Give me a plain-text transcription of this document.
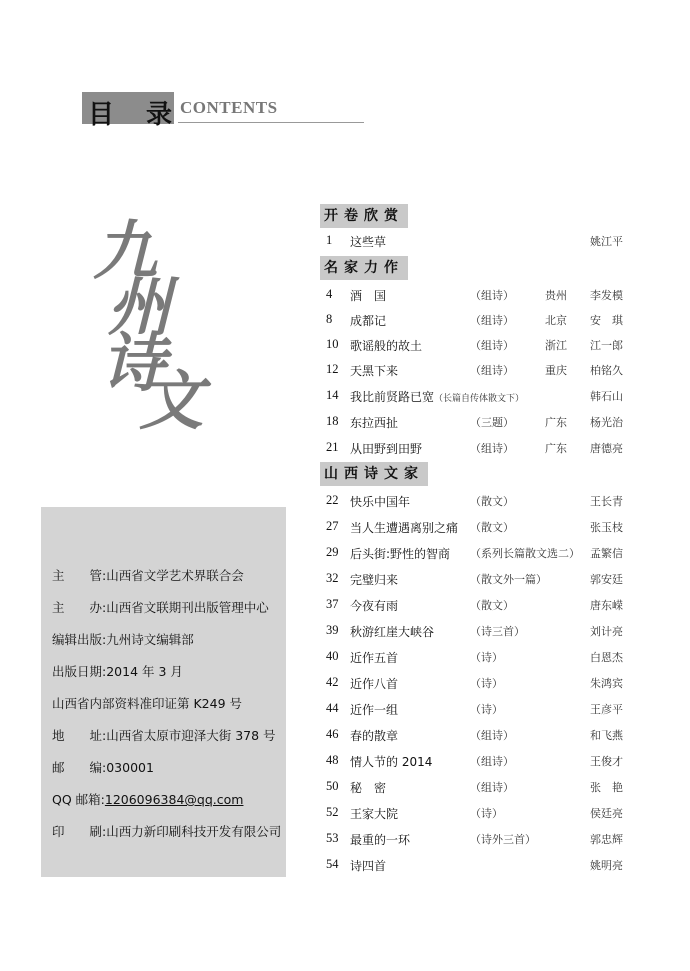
目 录 CONTENTS
九
州
诗
文
主　　管:山西省文学艺术界联合会
主　　办:山西省文联期刊出版管理中心
编辑出版:九州诗文编辑部
出版日期:2014 年 3 月
山西省内部资料准印证第 K249 号
地　　址:山西省太原市迎泽大街 378 号
邮　　编:030001
QQ 邮箱:1206096384@qq.com
印　　刷:山西力新印刷科技开发有限公司
开卷欣赏
1 这些草	姚江平
名家力作
4 酒　国	（组诗）	贵州 李发模
8 成都记	（组诗）	北京 安　琪
10 歌谣般的故土	（组诗）	浙江 江一郎
12 天黑下来	（组诗）	重庆 柏铭久
14 我比前贤路已宽（长篇自传体散文下）	韩石山
18 东拉西扯	（三题）	广东 杨光治
21 从田野到田野	（组诗）	广东 唐德亮
山西诗文家
22 快乐中国年	（散文）	王长青
27 当人生遭遇离别之痛 （散文）	张玉枝
29 后头街:野性的智商 （系列长篇散文选二） 孟繁信
32 完璧归来	（散文外一篇）	郭安廷
37 今夜有雨	（散文）	唐东嵘
39 秋游红崖大峡谷	（诗三首）	刘计亮
40 近作五首	（诗）	白恩杰
42 近作八首	（诗）	朱鸿宾
44 近作一组	（诗）	王彦平
46 春的散章	（组诗）	和飞燕
48 情人节的 2014	（组诗）	王俊才
50 秘　密	（组诗）	张　艳
52 王家大院	（诗）	侯廷亮
53 最重的一环	（诗外三首）	郭忠辉
54 诗四首	姚明亮
